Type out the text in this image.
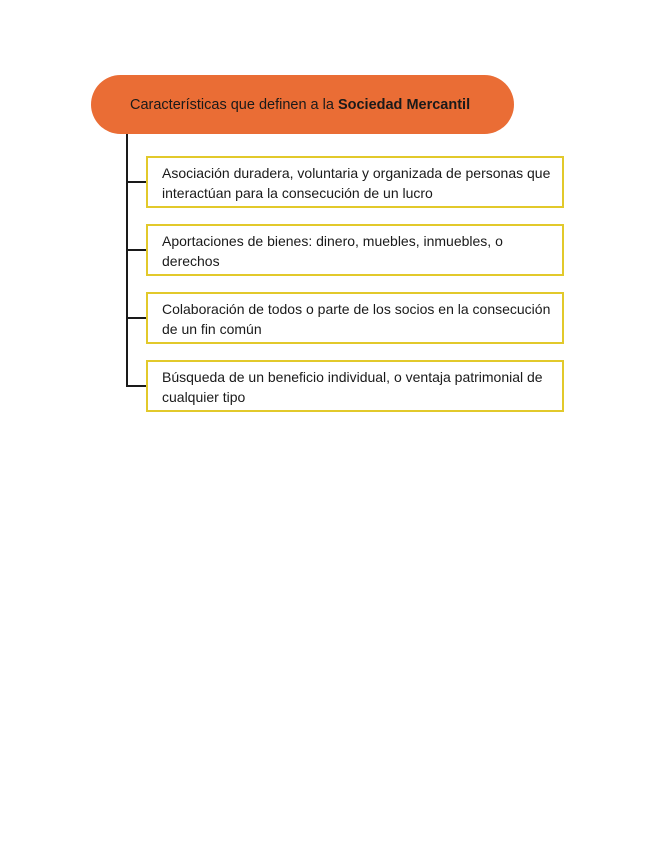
Características que definen a la
Sociedad Mercantil
Asociación duradera, voluntaria y organizada de personas que interactúan para la consecución de un lucro
Aportaciones de bienes: dinero, muebles, inmuebles, o derechos
Colaboración de todos o parte de los socios en la consecución de un fin común
Búsqueda de un beneficio individual, o ventaja patrimonial de cualquier tipo
